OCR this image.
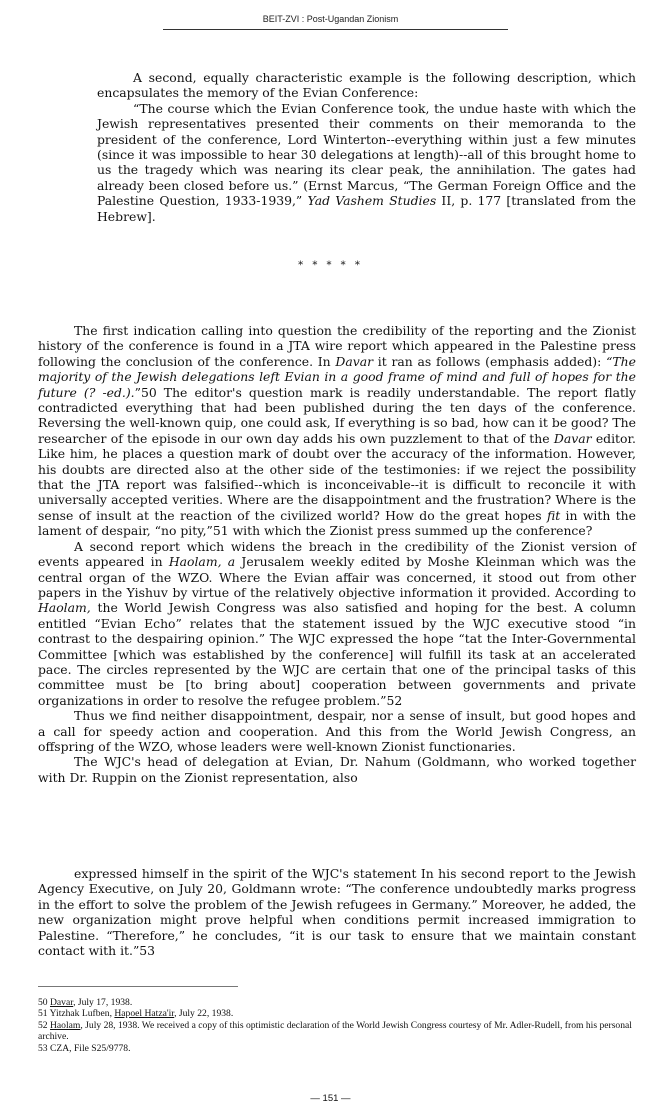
BEIT-ZVI : Post-Ugandan Zionism

A second, equally characteristic example is the following description, which encapsulates the memory of the Evian Conference:

“The course which the Evian Conference took, the undue haste with which the Jewish representatives presented their comments on their memoranda to the president of the conference, Lord Winterton--everything within just a few minutes (since it was impossible to hear 30 delegations at length)--all of this brought home to us the tragedy which was nearing its clear peak, the annihilation. The gates had already been closed before us.” (Ernst Marcus, “The German Foreign Office and the Palestine Question, 1933-1939,” Yad Vashem Studies II, p. 177 [translated from the Hebrew].

* * * * *

The first indication calling into question the credibility of the reporting and the Zionist history of the conference is found in a JTA wire report which appeared in the Palestine press following the conclusion of the conference. In Davar it ran as follows (emphasis added): “The majority of the Jewish delegations left Evian in a good frame of mind and full of hopes for the future (? -ed.).”50 The editor's question mark is readily understandable. The report flatly contradicted everything that had been published during the ten days of the conference. Reversing the well-known quip, one could ask, If everything is so bad, how can it be good? The researcher of the episode in our own day adds his own puzzlement to that of the Davar editor. Like him, he places a question mark of doubt over the accuracy of the information. However, his doubts are directed also at the other side of the testimonies: if we reject the possibility that the JTA report was falsified--which is inconceivable--it is difficult to reconcile it with universally accepted verities. Where are the disappointment and the frustration? Where is the sense of insult at the reaction of the civilized world? How do the great hopes fit in with the lament of despair, “no pity,”51 with which the Zionist press summed up the conference?

A second report which widens the breach in the credibility of the Zionist version of events appeared in Haolam, a Jerusalem weekly edited by Moshe Kleinman which was the central organ of the WZO. Where the Evian affair was concerned, it stood out from other papers in the Yishuv by virtue of the relatively objective information it provided. According to Haolam, the World Jewish Congress was also satisfied and hoping for the best. A column entitled “Evian Echo” relates that the statement issued by the WJC executive stood “in contrast to the despairing opinion.” The WJC expressed the hope “tat the Inter-Governmental Committee [which was established by the conference] will fulfill its task at an accelerated pace. The circles represented by the WJC are certain that one of the principal tasks of this committee must be [to bring about] cooperation between governments and private organizations in order to resolve the refugee problem.”52

Thus we find neither disappointment, despair, nor a sense of insult, but good hopes and a call for speedy action and cooperation. And this from the World Jewish Congress, an offspring of the WZO, whose leaders were well-known Zionist functionaries.

The WJC's head of delegation at Evian, Dr. Nahum (Goldmann, who worked together with Dr. Ruppin on the Zionist representation, also

expressed himself in the spirit of the WJC's statement In his second report to the Jewish Agency Executive, on July 20, Goldmann wrote: “The conference undoubtedly marks progress in the effort to solve the problem of the Jewish refugees in Germany.” Moreover, he added, the new organization might prove helpful when conditions permit increased immigration to Palestine. “Therefore,” he concludes, “it is our task to ensure that we maintain constant contact with it.”53

50 Davar, July 17, 1938.
51 Yitzhak Lufben, Hapoel Hatza'ir, July 22, 1938.
52 Haolam, July 28, 1938. We received a copy of this optimistic declaration of the World Jewish Congress courtesy of Mr. Adler-Rudell, from his personal archive.
53 CZA, File S25/9778.
— 151 —
